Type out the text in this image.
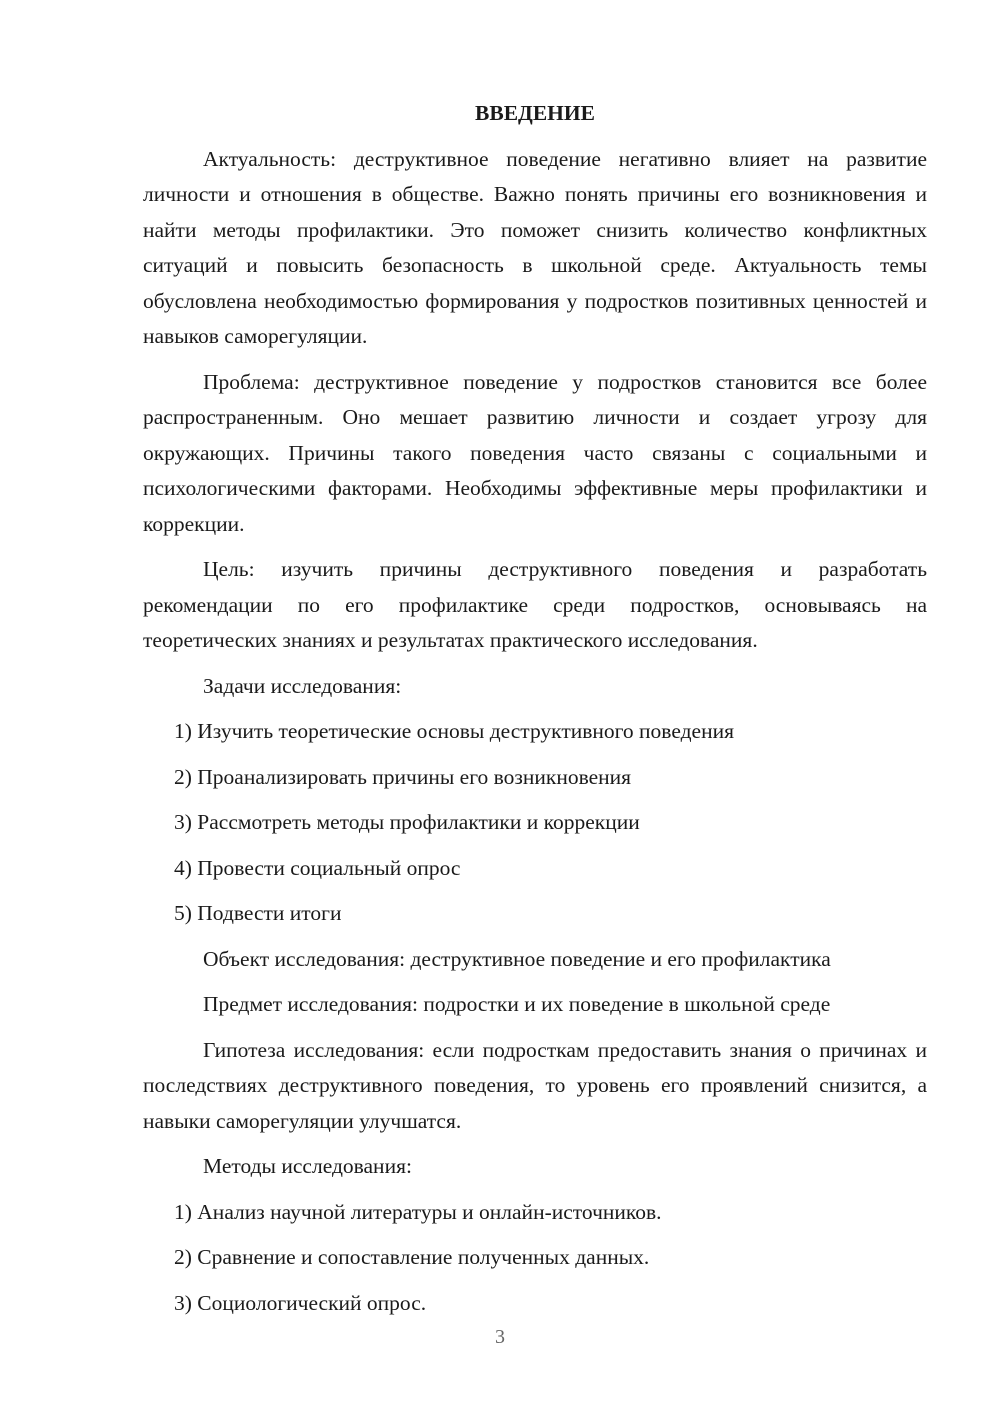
ВВЕДЕНИЕ

Актуальность: деструктивное поведение негативно влияет на развитие личности и отношения в обществе. Важно понять причины его возникновения и найти методы профилактики. Это поможет снизить количество конфликтных ситуаций и повысить безопасность в школьной среде. Актуальность темы обусловлена необходимостью формирования у подростков позитивных ценностей и навыков саморегуляции.

Проблема: деструктивное поведение у подростков становится все более распространенным. Оно мешает развитию личности и создает угрозу для окружающих. Причины такого поведения часто связаны с социальными и психологическими факторами. Необходимы эффективные меры профилактики и коррекции.

Цель: изучить причины деструктивного поведения и разработать рекомендации по его профилактике среди подростков, основываясь на теоретических знаниях и результатах практического исследования.

Задачи исследования:
1) Изучить теоретические основы деструктивного поведения
2) Проанализировать причины его возникновения
3) Рассмотреть методы профилактики и коррекции
4) Провести социальный опрос
5) Подвести итоги
Объект исследования: деструктивное поведение и его профилактика
Предмет исследования: подростки и их поведение в школьной среде

Гипотеза исследования: если подросткам предоставить знания о причинах и последствиях деструктивного поведения, то уровень его проявлений снизится, а навыки саморегуляции улучшатся.

Методы исследования:
1) Анализ научной литературы и онлайн-источников.
2) Сравнение и сопоставление полученных данных.
3) Социологический опрос.
3
